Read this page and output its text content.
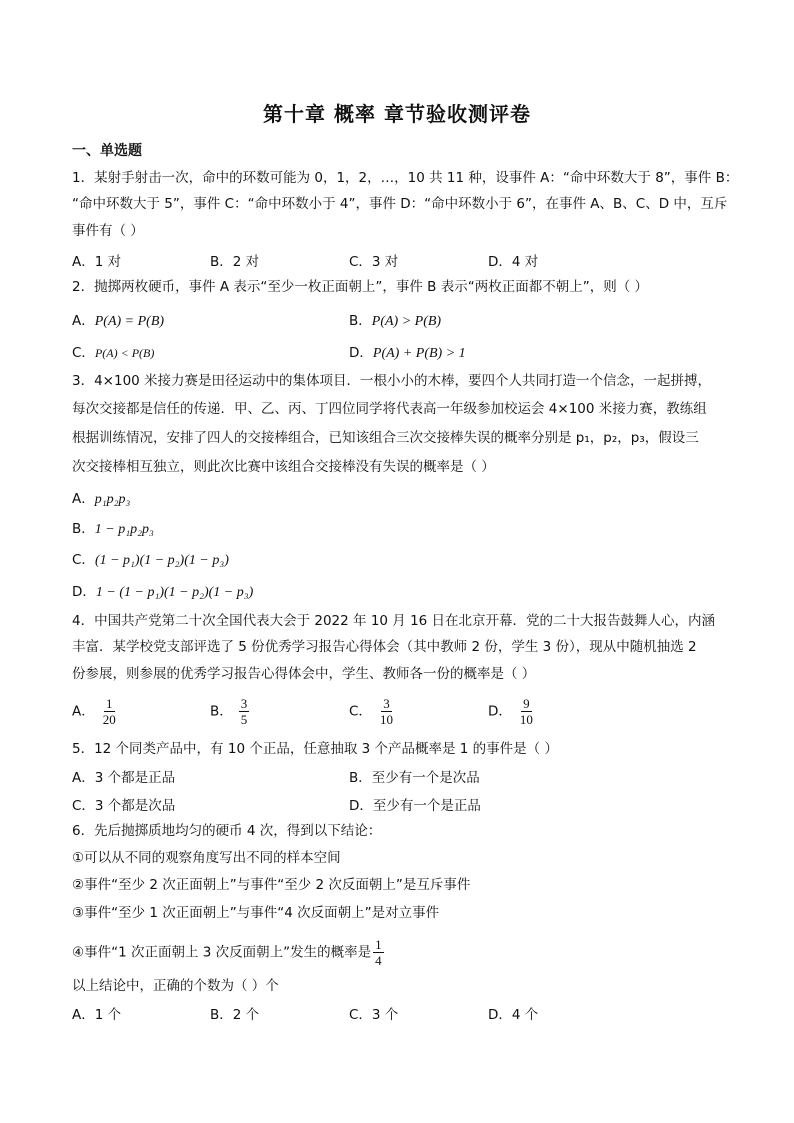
第十章 概率 章节验收测评卷
一、单选题
1．某射手射击一次，命中的环数可能为 0，1，2，…，10 共 11 种，设事件 A：“命中环数大于 8”，事件 B：
“命中环数大于 5”，事件 C：“命中环数小于 4”，事件 D：“命中环数小于 6”，在事件 A、B、C、D 中，互斥
事件有（ ）
A．1 对	B．2 对	C．3 对	D．4 对
2．抛掷两枚硬币，事件 A 表示“至少一枚正面朝上”，事件 B 表示“两枚正面都不朝上”，则（ ）
A．P(A) = P(B)	B．P(A) > P(B)
C．P(A) < P(B)	D．P(A) + P(B) > 1
3．4×100 米接力赛是田径运动中的集体项目．一根小小的木棒，要四个人共同打造一个信念，一起拼搏，
每次交接都是信任的传递．甲、乙、丙、丁四位同学将代表高一年级参加校运会 4×100 米接力赛，教练组
根据训练情况，安排了四人的交接棒组合，已知该组合三次交接棒失误的概率分别是 p₁，p₂，p₃，假设三
次交接棒相互独立，则此次比赛中该组合交接棒没有失误的概率是（ ）
A．p₁p₂p₃
B．1 − p₁p₂p₃
C．(1 − p₁)(1 − p₂)(1 − p₃)
D．1 − (1 − p₁)(1 − p₂)(1 − p₃)
4．中国共产党第二十次全国代表大会于 2022 年 10 月 16 日在北京开幕．党的二十大报告鼓舞人心，内涵
丰富．某学校党支部评选了 5 份优秀学习报告心得体会（其中教师 2 份，学生 3 份），现从中随机抽选 2
份参展，则参展的优秀学习报告心得体会中，学生、教师各一份的概率是（ ）
A． $\frac{1}{20}$	B． $\frac{3}{5}$	C． $\frac{3}{10}$	D． $\frac{9}{10}$
5．12 个同类产品中，有 10 个正品，任意抽取 3 个产品概率是 1 的事件是（ ）
A．3 个都是正品	B．至少有一个是次品
C．3 个都是次品	D．至少有一个是正品
6．先后抛掷质地均匀的硬币 4 次，得到以下结论：
①可以从不同的观察角度写出不同的样本空间
②事件“至少 2 次正面朝上”与事件“至少 2 次反面朝上”是互斥事件
③事件“至少 1 次正面朝上”与事件“4 次反面朝上”是对立事件
④事件“1 次正面朝上 3 次反面朝上”发生的概率是 $\frac{1}{4}$
以上结论中，正确的个数为（ ）个
A．1 个	B．2 个	C．3 个	D．4 个
